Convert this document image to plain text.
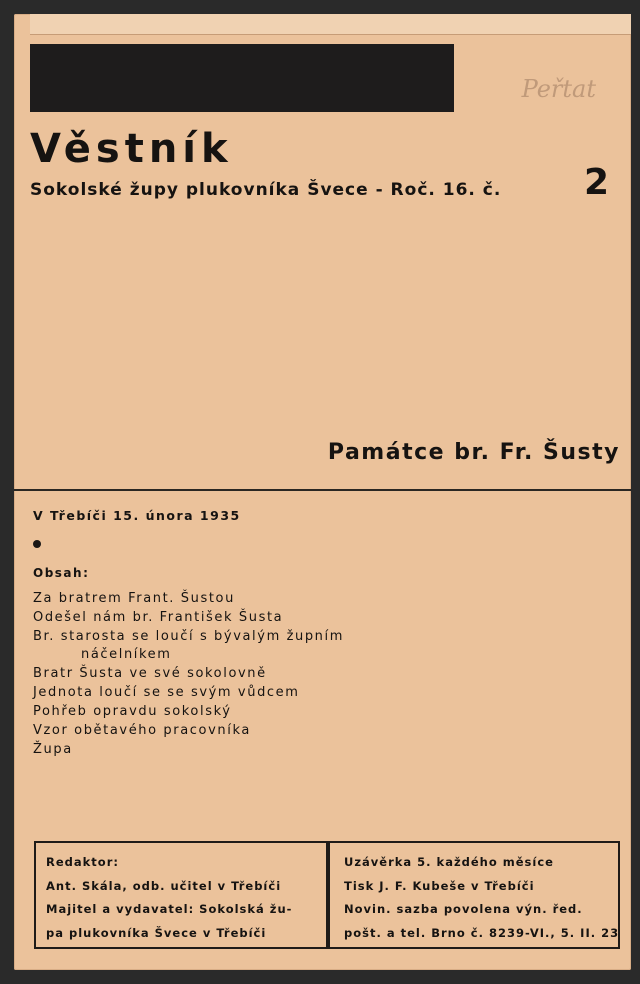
Peřtat
Věstník
Sokolské župy plukovníka Švece - Roč. 16. č. 2
Památce br. Fr. Šusty
V Třebíči 15. února 1935
Obsah:
Za bratrem Frant. Šustou
Odešel nám br. František Šusta
Br. starosta se loučí s bývalým župním
náčelníkem
Bratr Šusta ve své sokolovně
Jednota loučí se se svým vůdcem
Pohřeb opravdu sokolský
Vzor obětavého pracovníka
Župa
Redaktor:
Ant. Skála, odb. učitel v Třebíči
Majitel a vydavatel: Sokolská žu-
pa plukovníka Švece v Třebíči
Uzávěrka 5. každého měsíce
Tisk J. F. Kubeše v Třebíči
Novin. sazba povolena výn. řed.
pošt. a tel. Brno č. 8239-VI., 5. II. 23
